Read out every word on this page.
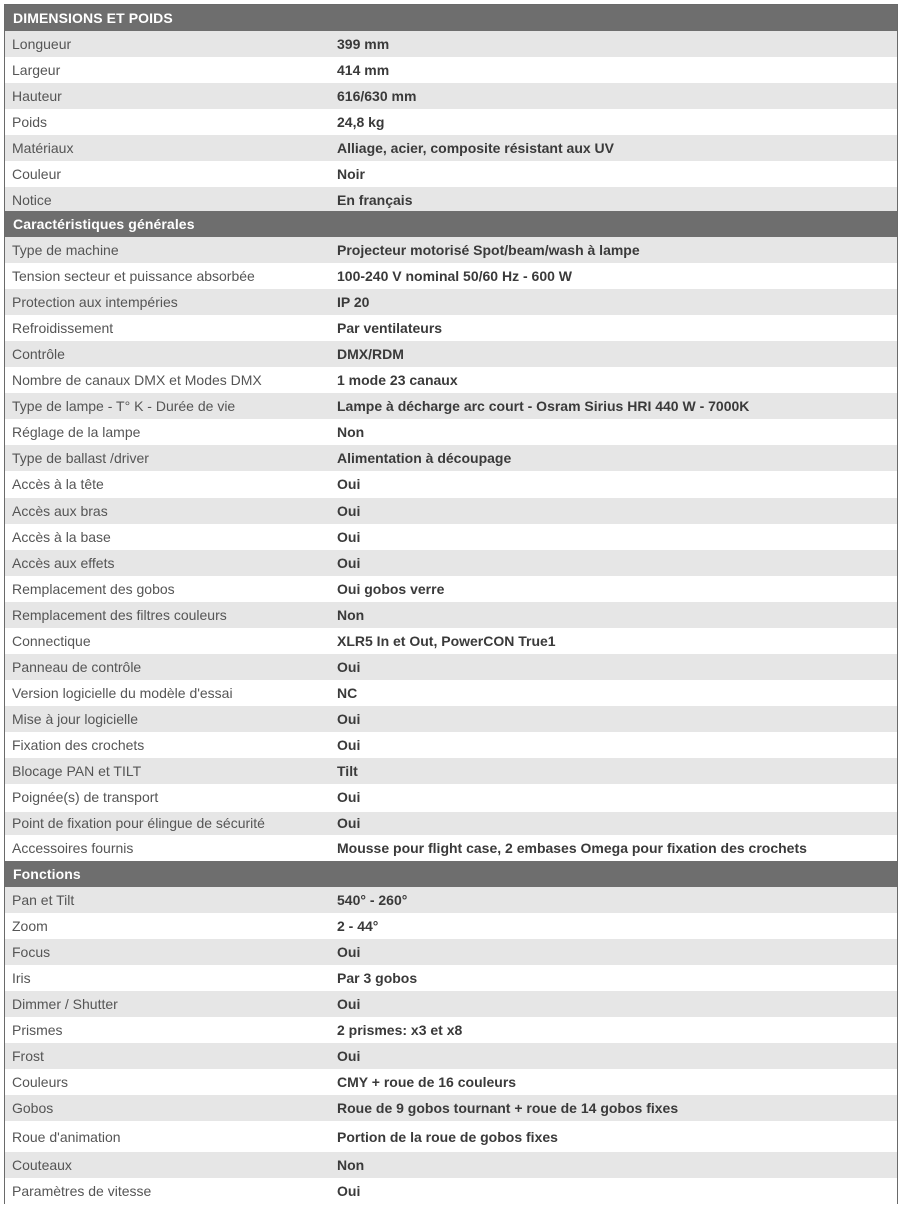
DIMENSIONS ET POIDS
Longueur	399 mm
Largeur	414 mm
Hauteur	616/630 mm
Poids	24,8 kg
Matériaux	Alliage, acier, composite résistant aux UV
Couleur	Noir
Notice	En français
Caractéristiques générales
Type de machine	Projecteur motorisé Spot/beam/wash à lampe
Tension secteur et puissance absorbée	100-240 V nominal 50/60 Hz - 600 W
Protection aux intempéries	IP 20
Refroidissement	Par ventilateurs
Contrôle	DMX/RDM
Nombre de canaux DMX et Modes DMX	1 mode 23 canaux
Type de lampe - T° K - Durée de vie	Lampe à décharge arc court - Osram Sirius HRI 440 W - 7000K
Réglage de la lampe	Non
Type de ballast /driver	Alimentation à découpage
Accès à la tête	Oui
Accès aux bras	Oui
Accès à la base	Oui
Accès aux effets	Oui
Remplacement des gobos	Oui gobos verre
Remplacement des filtres couleurs	Non
Connectique	XLR5 In et Out, PowerCON True1
Panneau de contrôle	Oui
Version logicielle du modèle d'essai	NC
Mise à jour logicielle	Oui
Fixation des crochets	Oui
Blocage PAN et TILT	Tilt
Poignée(s) de transport	Oui
Point de fixation pour élingue de sécurité	Oui
Accessoires fournis	Mousse pour flight case, 2 embases Omega pour fixation des crochets
Fonctions
Pan et Tilt	540° - 260°
Zoom	2 - 44°
Focus	Oui
Iris	Par 3 gobos
Dimmer / Shutter	Oui
Prismes	2 prismes: x3 et x8
Frost	Oui
Couleurs	CMY + roue de 16 couleurs
Gobos	Roue de 9 gobos tournant + roue de 14 gobos fixes
Roue d'animation	Portion de la roue de gobos fixes
Couteaux	Non
Paramètres de vitesse	Oui
